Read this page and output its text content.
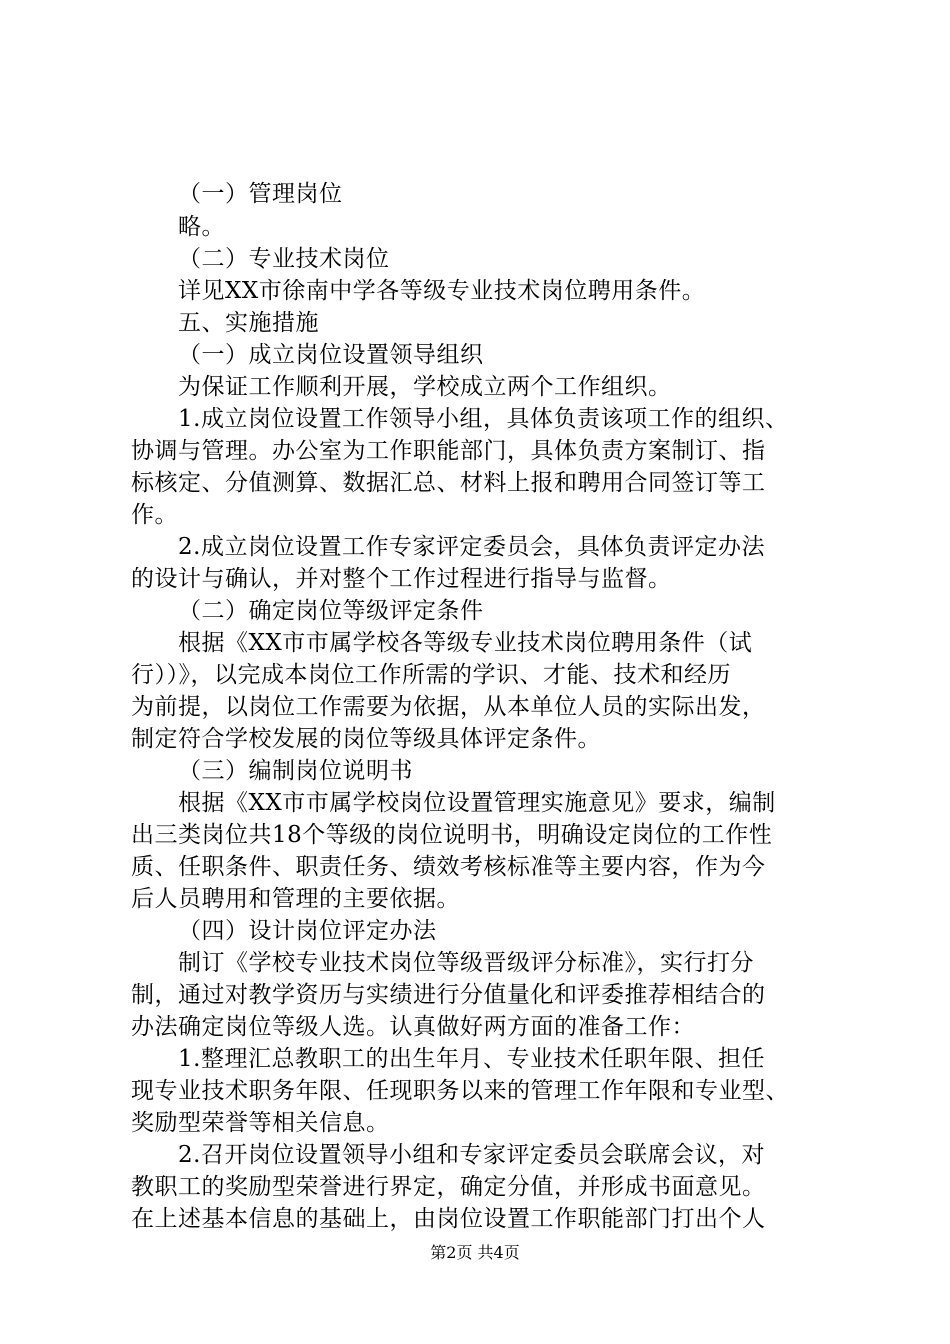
（一）管理岗位
略。
（二）专业技术岗位
详见XX市徐南中学各等级专业技术岗位聘用条件。
五、实施措施
（一）成立岗位设置领导组织
为保证工作顺利开展，学校成立两个工作组织。
1.成立岗位设置工作领导小组，具体负责该项工作的组织、
协调与管理。办公室为工作职能部门，具体负责方案制订、指
标核定、分值测算、数据汇总、材料上报和聘用合同签订等工
作。
2.成立岗位设置工作专家评定委员会，具体负责评定办法
的设计与确认，并对整个工作过程进行指导与监督。
（二）确定岗位等级评定条件
根据《XX市市属学校各等级专业技术岗位聘用条件（试
行））》，以完成本岗位工作所需的学识、才能、技术和经历
为前提，以岗位工作需要为依据，从本单位人员的实际出发，
制定符合学校发展的岗位等级具体评定条件。
（三）编制岗位说明书
根据《XX市市属学校岗位设置管理实施意见》要求，编制
出三类岗位共18个等级的岗位说明书，明确设定岗位的工作性
质、任职条件、职责任务、绩效考核标准等主要内容，作为今
后人员聘用和管理的主要依据。
（四）设计岗位评定办法
制订《学校专业技术岗位等级晋级评分标准》，实行打分
制，通过对教学资历与实绩进行分值量化和评委推荐相结合的
办法确定岗位等级人选。认真做好两方面的准备工作：
1.整理汇总教职工的出生年月、专业技术任职年限、担任
现专业技术职务年限、任现职务以来的管理工作年限和专业型、
奖励型荣誉等相关信息。
2.召开岗位设置领导小组和专家评定委员会联席会议，对
教职工的奖励型荣誉进行界定，确定分值，并形成书面意见。
在上述基本信息的基础上，由岗位设置工作职能部门打出个人
第2页 共4页
